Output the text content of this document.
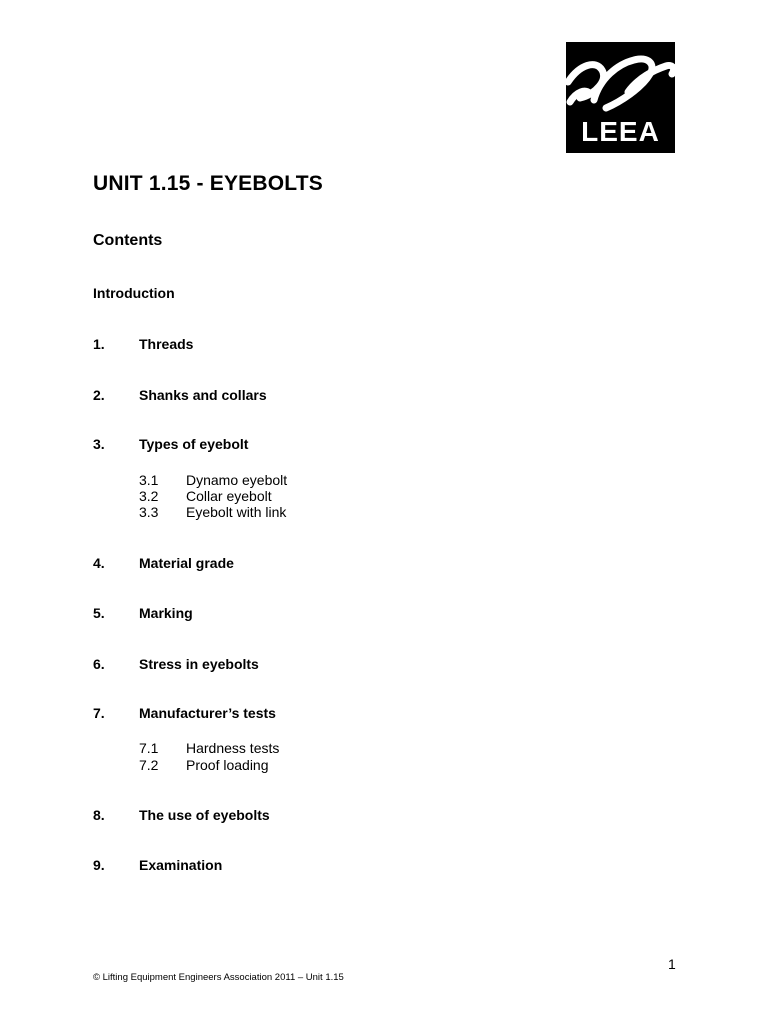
LEEA
UNIT 1.15 - EYEBOLTS
Contents
Introduction
1. Threads
2. Shanks and collars
3. Types of eyebolt
3.1 Dynamo eyebolt
3.2 Collar eyebolt
3.3 Eyebolt with link
4. Material grade
5. Marking
6. Stress in eyebolts
7. Manufacturer’s tests
7.1 Hardness tests
7.2 Proof loading
8. The use of eyebolts
9. Examination
1
© Lifting Equipment Engineers Association 2011 – Unit 1.15
